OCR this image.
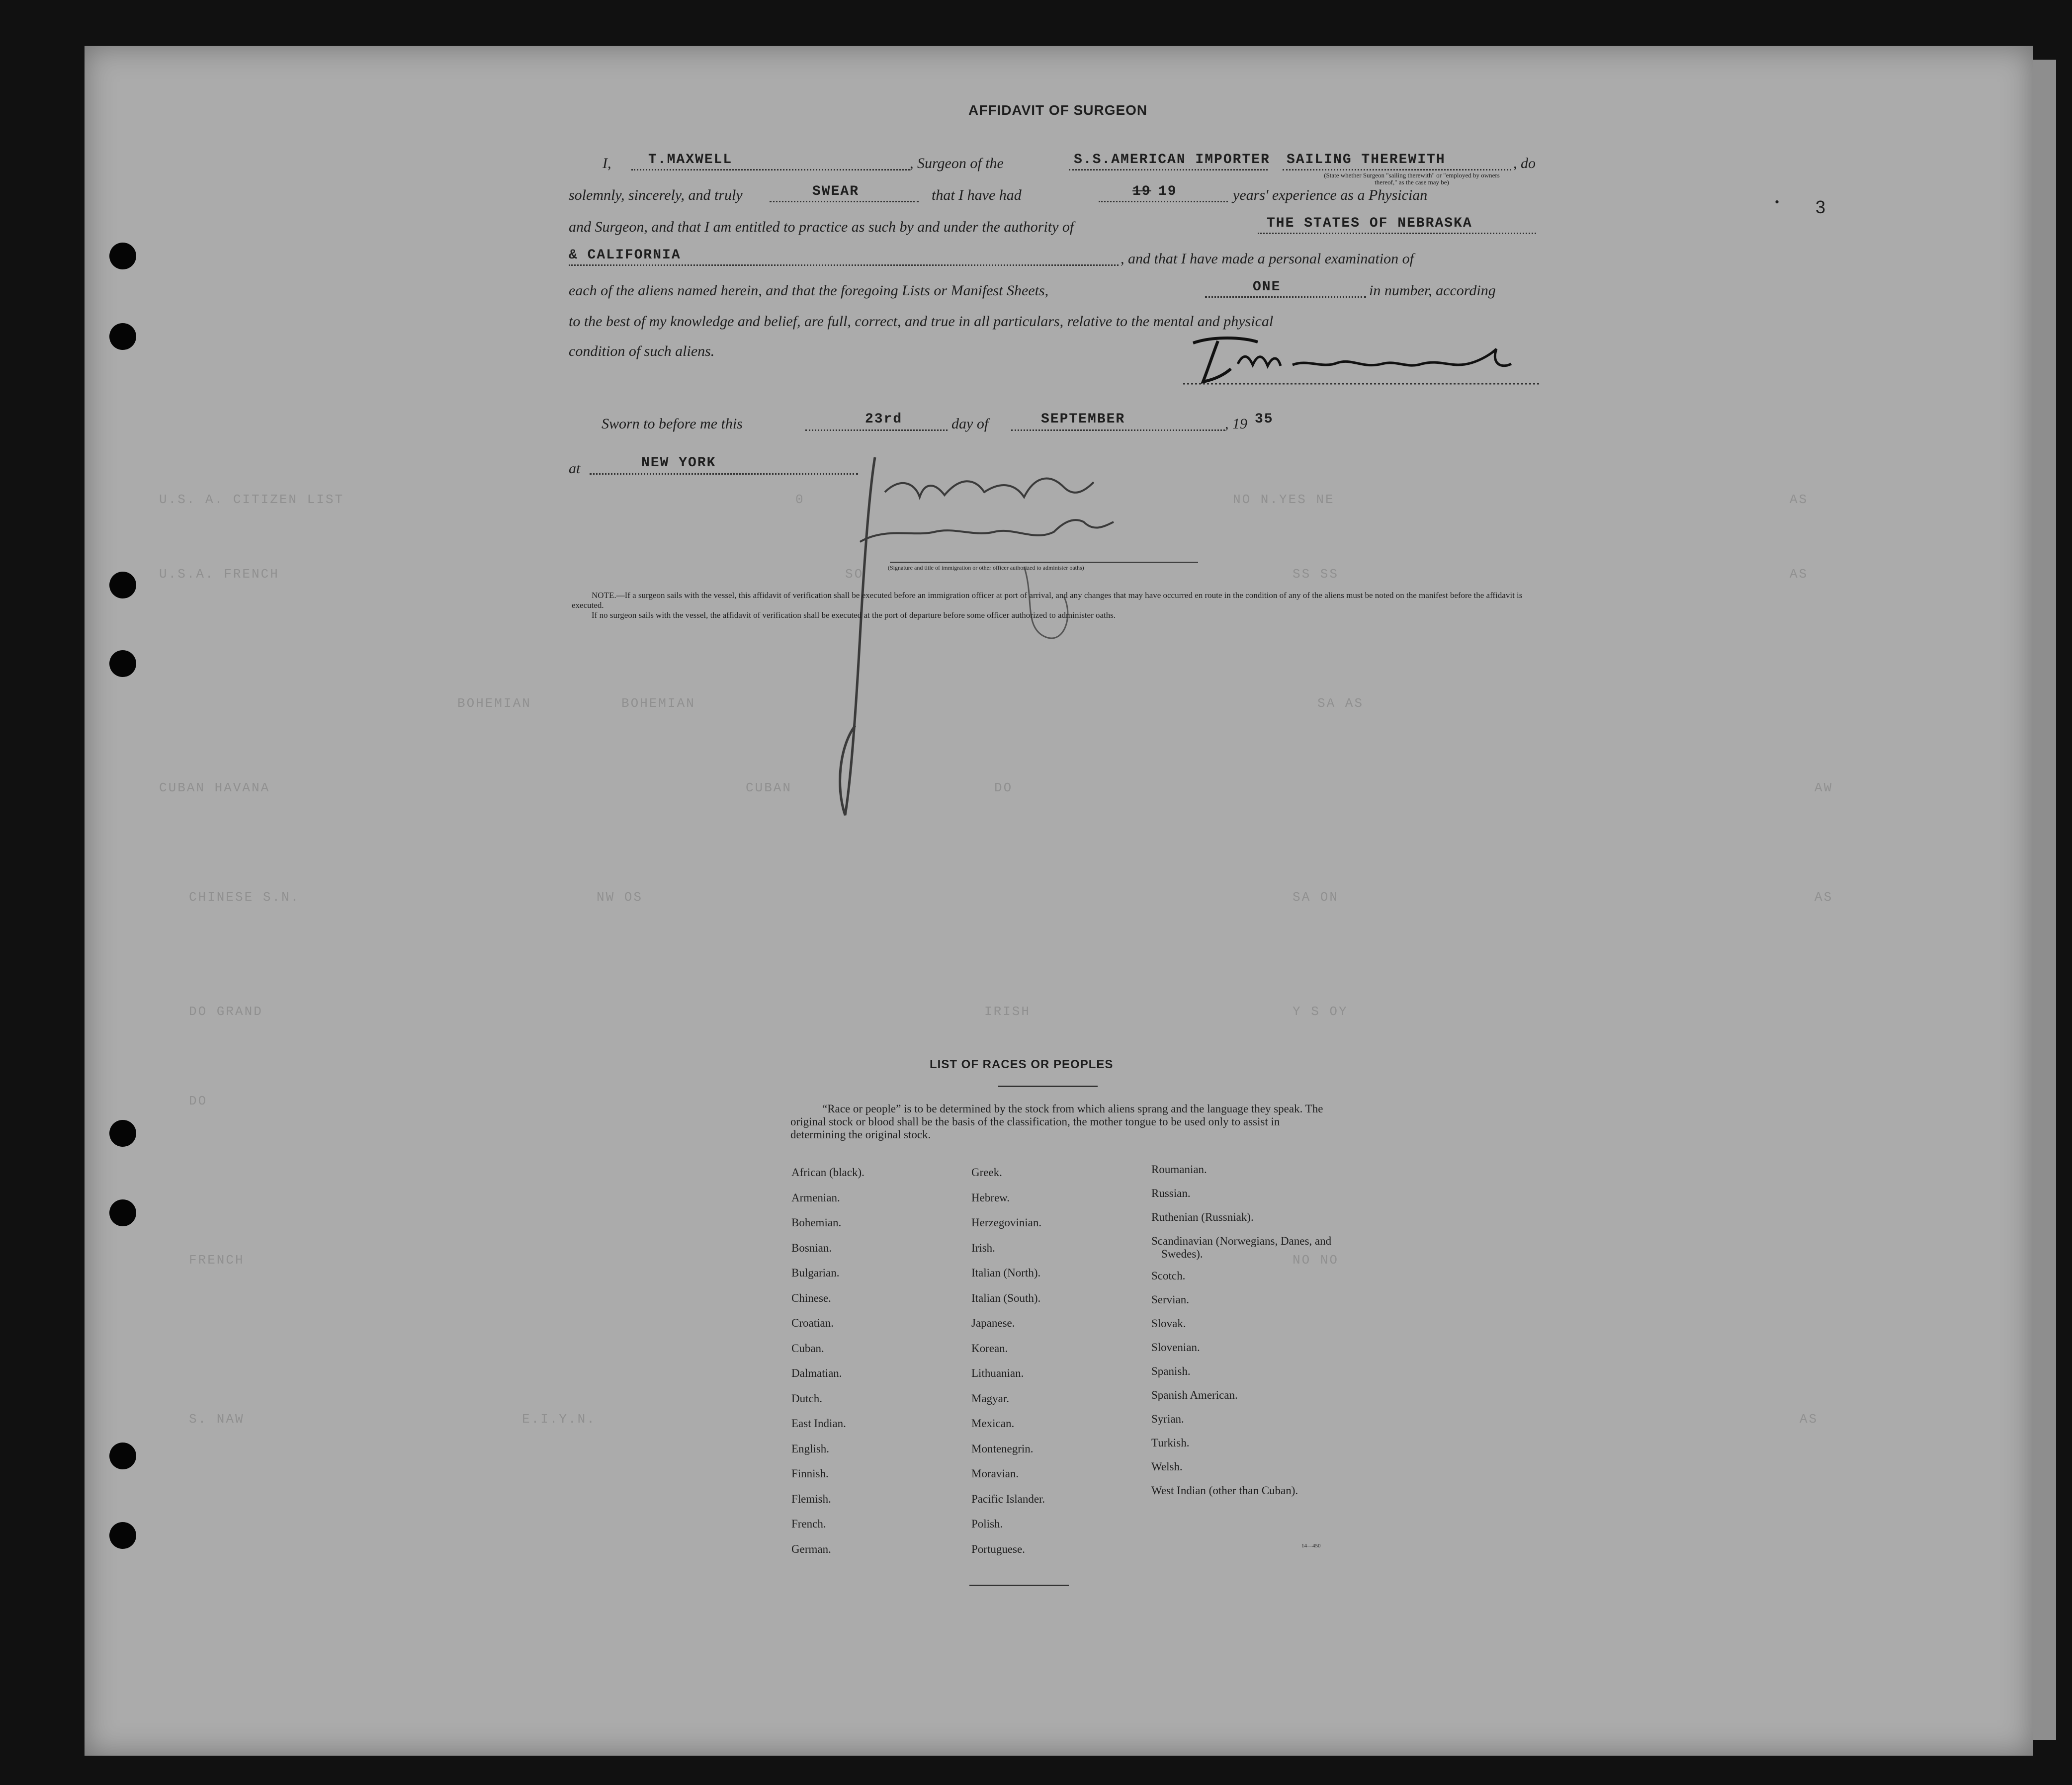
U.S. A. CITIZEN LIST	0	NO N.YES NE	AS
U.S.A. FRENCH	SO	SS SS	AS
BOHEMIAN	BOHEMIAN	SA AS
CUBAN HAVANA	CUBAN	DO	AW
CHINESE S.N.	NW OS	SA ON	AS
DO GRAND	IRISH	Y S OY
DO
FRENCH	NO NO
S. NAW	E.I.Y.N.	AS
3
•
AFFIDAVIT OF SURGEON
I,	T.MAXWELL	, Surgeon of the	S.S.AMERICAN IMPORTER SAILING THEREWITH	, do
(State whether Surgeon "sailing therewith" or "employed by owners thereof," as the case may be)
solemnly, sincerely, and truly	SWEAR	that I have had	19 19	years' experience as a Physician
and Surgeon, and that I am entitled to practice as such by and under the authority of	THE STATES OF NEBRASKA
& CALIFORNIA	, and that I have made a personal examination of
each of the aliens named herein, and that the foregoing Lists or Manifest Sheets,	ONE	in number, according
to the best of my knowledge and belief, are full, correct, and true in all particulars, relative to the mental and physical
condition of such aliens.
Sworn to before me this	23rd	day of	SEPTEMBER	, 19 35
at	NEW YORK
(Signature and title of immigration or other officer authorized to administer oaths)
NOTE.—If a surgeon sails with the vessel, this affidavit of verification shall be executed before an immigration officer at port of arrival, and any changes that may have occurred en route in the condition of any of the aliens must be noted on the manifest before the affidavit is executed.
If no surgeon sails with the vessel, the affidavit of verification shall be executed at the port of departure before some officer authorized to administer oaths.
LIST OF RACES OR PEOPLES
“Race or people” is to be determined by the stock from which aliens sprang and the language they speak. The original stock or blood shall be the basis of the classification, the mother tongue to be used only to assist in determining the original stock.
African (black).
Armenian.
Bohemian.
Bosnian.
Bulgarian.
Chinese.
Croatian.
Cuban.
Dalmatian.
Dutch.
East Indian.
English.
Finnish.
Flemish.
French.
German.
Greek.
Hebrew.
Herzegovinian.
Irish.
Italian (North).
Italian (South).
Japanese.
Korean.
Lithuanian.
Magyar.
Mexican.
Montenegrin.
Moravian.
Pacific Islander.
Polish.
Portuguese.
Roumanian.
Russian.
Ruthenian (Russniak).
Scandinavian (Norwegians, Danes, and Swedes).
Scotch.
Servian.
Slovak.
Slovenian.
Spanish.
Spanish American.
Syrian.
Turkish.
Welsh.
West Indian (other than Cuban).
14—450
